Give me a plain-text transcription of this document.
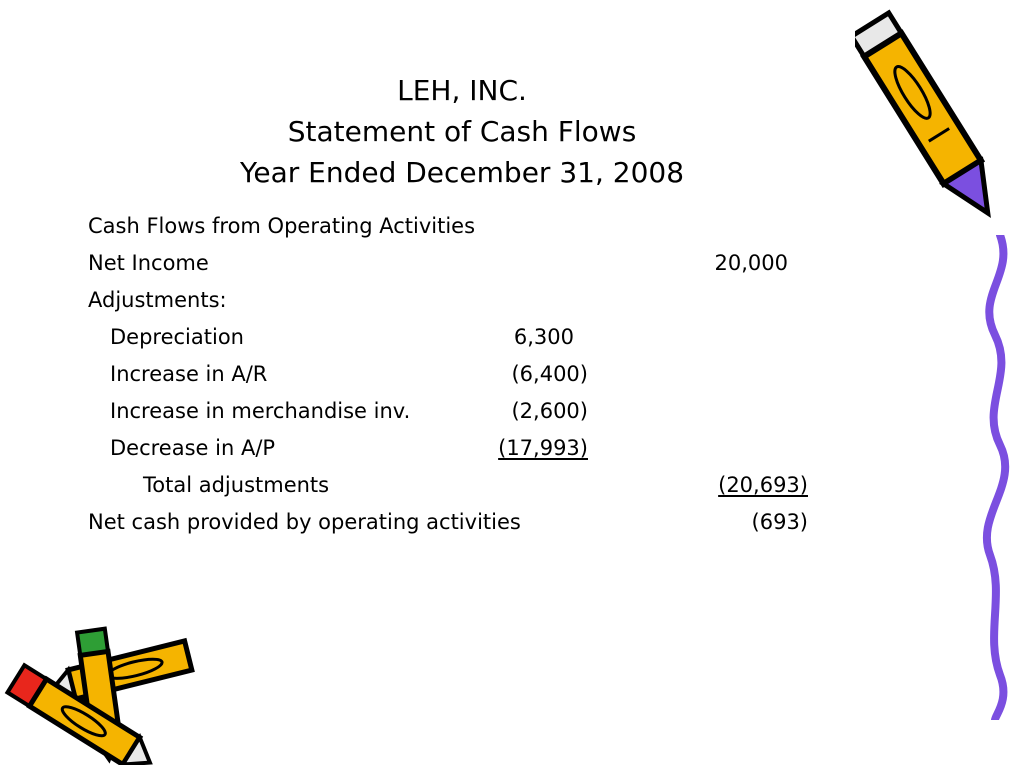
LEH, INC.
Statement of Cash Flows
Year Ended December 31, 2008
Cash Flows from Operating Activities
Net Income	20,000
Adjustments:
Depreciation	6,300
Increase in A/R	(6,400)
Increase in merchandise inv.	(2,600)
Decrease in A/P	(17,993)
Total adjustments	(20,693)
Net cash provided by operating activities	(693)
